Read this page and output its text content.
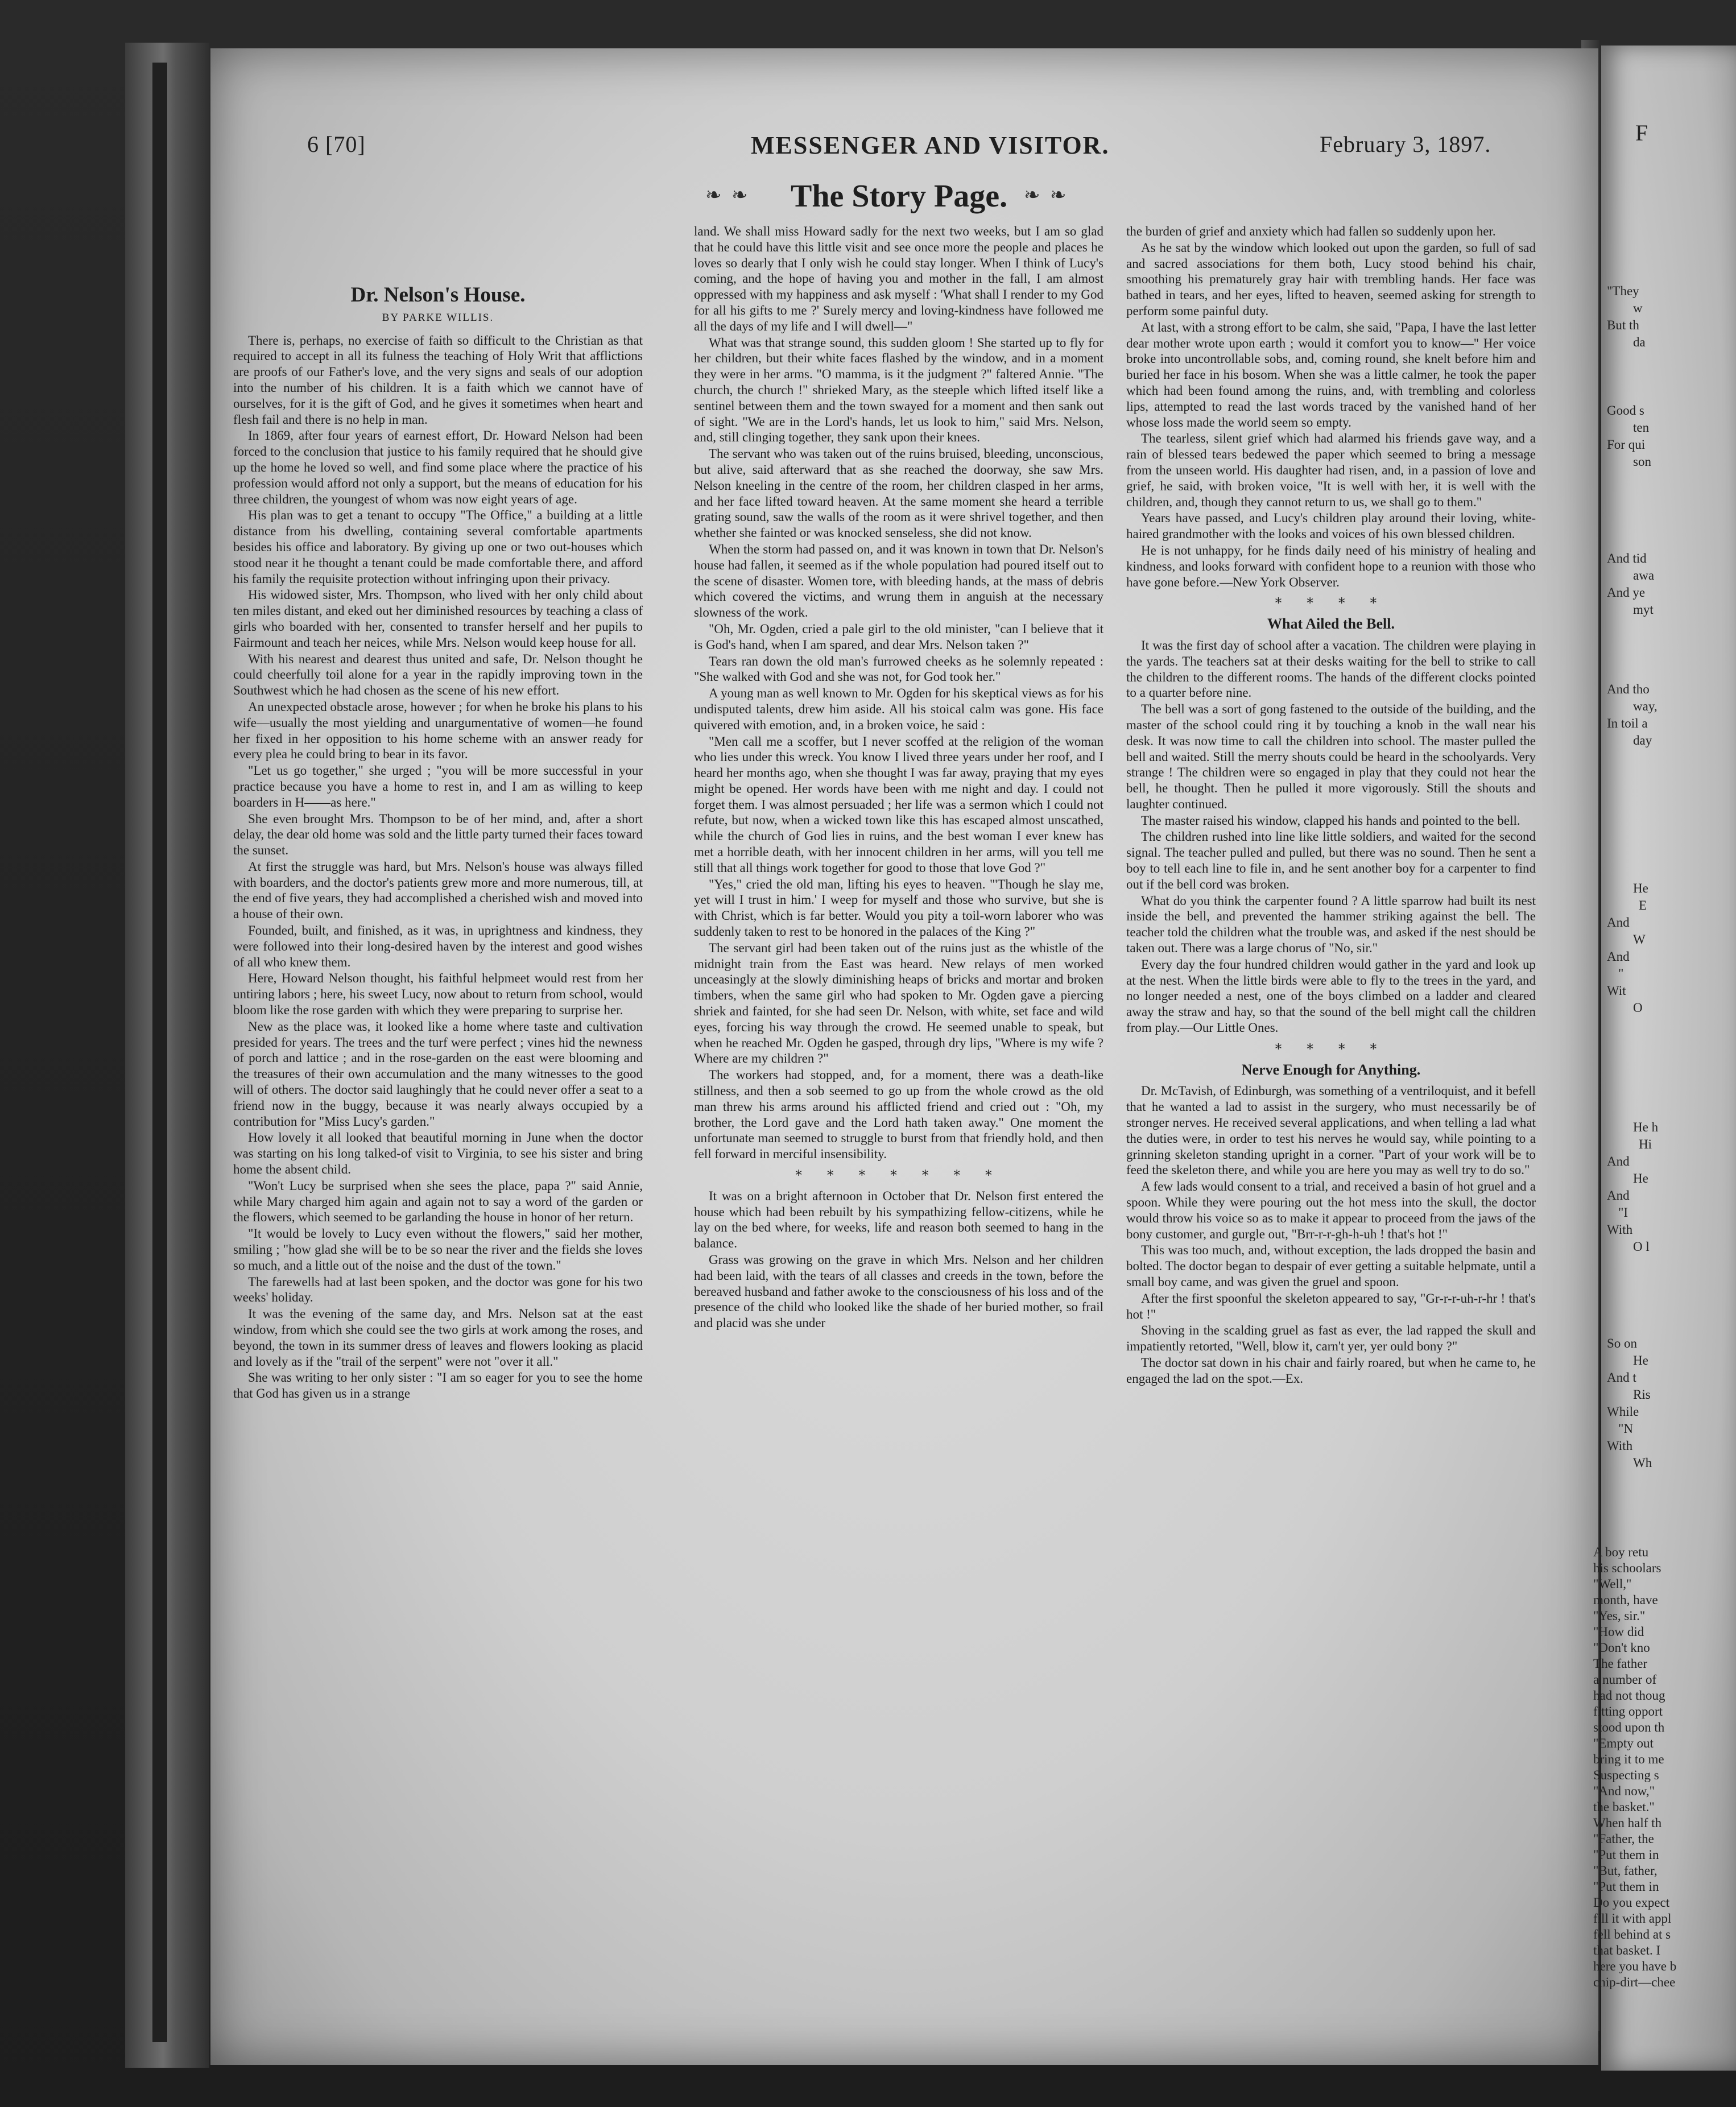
6 [70]	MESSENGER AND VISITOR.	February 3, 1897.
❧ ❧ The Story Page. ❧ ❧
Dr. Nelson's House.
BY PARKE WILLIS.

There is, perhaps, no exercise of faith so difficult to the Christian as that required to accept in all its fulness the teaching of Holy Writ that afflictions are proofs of our Father's love, and the very signs and seals of our adoption into the number of his children. It is a faith which we cannot have of ourselves, for it is the gift of God, and he gives it sometimes when heart and flesh fail and there is no help in man.

In 1869, after four years of earnest effort, Dr. Howard Nelson had been forced to the conclusion that justice to his family required that he should give up the home he loved so well, and find some place where the practice of his profession would afford not only a support, but the means of education for his three children, the youngest of whom was now eight years of age.

His plan was to get a tenant to occupy "The Office," a building at a little distance from his dwelling, containing several comfortable apartments besides his office and laboratory. By giving up one or two out-houses which stood near it he thought a tenant could be made comfortable there, and afford his family the requisite protection without infringing upon their privacy.

His widowed sister, Mrs. Thompson, who lived with her only child about ten miles distant, and eked out her diminished resources by teaching a class of girls who boarded with her, consented to transfer herself and her pupils to Fairmount and teach her neices, while Mrs. Nelson would keep house for all.

With his nearest and dearest thus united and safe, Dr. Nelson thought he could cheerfully toil alone for a year in the rapidly improving town in the Southwest which he had chosen as the scene of his new effort.

An unexpected obstacle arose, however ; for when he broke his plans to his wife—usually the most yielding and unargumentative of women—he found her fixed in her opposition to his home scheme with an answer ready for every plea he could bring to bear in its favor.

"Let us go together," she urged ; "you will be more successful in your practice because you have a home to rest in, and I am as willing to keep boarders in H——as here."

She even brought Mrs. Thompson to be of her mind, and, after a short delay, the dear old home was sold and the little party turned their faces toward the sunset.

At first the struggle was hard, but Mrs. Nelson's house was always filled with boarders, and the doctor's patients grew more and more numerous, till, at the end of five years, they had accomplished a cherished wish and moved into a house of their own.

Founded, built, and finished, as it was, in uprightness and kindness, they were followed into their long-desired haven by the interest and good wishes of all who knew them.

Here, Howard Nelson thought, his faithful helpmeet would rest from her untiring labors ; here, his sweet Lucy, now about to return from school, would bloom like the rose garden with which they were preparing to surprise her.

New as the place was, it looked like a home where taste and cultivation presided for years. The trees and the turf were perfect ; vines hid the newness of porch and lattice ; and in the rose-garden on the east were blooming and the treasures of their own accumulation and the many witnesses to the good will of others. The doctor said laughingly that he could never offer a seat to a friend now in the buggy, because it was nearly always occupied by a contribution for "Miss Lucy's garden."

How lovely it all looked that beautiful morning in June when the doctor was starting on his long talked-of visit to Virginia, to see his sister and bring home the absent child.

"Won't Lucy be surprised when she sees the place, papa ?" said Annie, while Mary charged him again and again not to say a word of the garden or the flowers, which seemed to be garlanding the house in honor of her return.

"It would be lovely to Lucy even without the flowers," said her mother, smiling ; "how glad she will be to be so near the river and the fields she loves so much, and a little out of the noise and the dust of the town."

The farewells had at last been spoken, and the doctor was gone for his two weeks' holiday.

It was the evening of the same day, and Mrs. Nelson sat at the east window, from which she could see the two girls at work among the roses, and beyond, the town in its summer dress of leaves and flowers looking as placid and lovely as if the "trail of the serpent" were not "over it all."

She was writing to her only sister : "I am so eager for you to see the home that God has given us in a strange

land. We shall miss Howard sadly for the next two weeks, but I am so glad that he could have this little visit and see once more the people and places he loves so dearly that I only wish he could stay longer. When I think of Lucy's coming, and the hope of having you and mother in the fall, I am almost oppressed with my happiness and ask myself : 'What shall I render to my God for all his gifts to me ?' Surely mercy and loving-kindness have followed me all the days of my life and I will dwell—"

What was that strange sound, this sudden gloom ! She started up to fly for her children, but their white faces flashed by the window, and in a moment they were in her arms. "O mamma, is it the judgment ?" faltered Annie. "The church, the church !" shrieked Mary, as the steeple which lifted itself like a sentinel between them and the town swayed for a moment and then sank out of sight. "We are in the Lord's hands, let us look to him," said Mrs. Nelson, and, still clinging together, they sank upon their knees.

The servant who was taken out of the ruins bruised, bleeding, unconscious, but alive, said afterward that as she reached the doorway, she saw Mrs. Nelson kneeling in the centre of the room, her children clasped in her arms, and her face lifted toward heaven. At the same moment she heard a terrible grating sound, saw the walls of the room as it were shrivel together, and then whether she fainted or was knocked senseless, she did not know.

When the storm had passed on, and it was known in town that Dr. Nelson's house had fallen, it seemed as if the whole population had poured itself out to the scene of disaster. Women tore, with bleeding hands, at the mass of debris which covered the victims, and wrung them in anguish at the necessary slowness of the work.

"Oh, Mr. Ogden, cried a pale girl to the old minister, "can I believe that it is God's hand, when I am spared, and dear Mrs. Nelson taken ?"

Tears ran down the old man's furrowed cheeks as he solemnly repeated : "She walked with God and she was not, for God took her."

A young man as well known to Mr. Ogden for his skeptical views as for his undisputed talents, drew him aside. All his stoical calm was gone. His face quivered with emotion, and, in a broken voice, he said :

"Men call me a scoffer, but I never scoffed at the religion of the woman who lies under this wreck. You know I lived three years under her roof, and I heard her months ago, when she thought I was far away, praying that my eyes might be opened. Her words have been with me night and day. I could not forget them. I was almost persuaded ; her life was a sermon which I could not refute, but now, when a wicked town like this has escaped almost unscathed, while the church of God lies in ruins, and the best woman I ever knew has met a horrible death, with her innocent children in her arms, will you tell me still that all things work together for good to those that love God ?"

"Yes," cried the old man, lifting his eyes to heaven. "'Though he slay me, yet will I trust in him.' I weep for myself and those who survive, but she is with Christ, which is far better. Would you pity a toil-worn laborer who was suddenly taken to rest to be honored in the palaces of the King ?"

The servant girl had been taken out of the ruins just as the whistle of the midnight train from the East was heard. New relays of men worked unceasingly at the slowly diminishing heaps of bricks and mortar and broken timbers, when the same girl who had spoken to Mr. Ogden gave a piercing shriek and fainted, for she had seen Dr. Nelson, with white, set face and wild eyes, forcing his way through the crowd. He seemed unable to speak, but when he reached Mr. Ogden he gasped, through dry lips, "Where is my wife ? Where are my children ?"

The workers had stopped, and, for a moment, there was a death-like stillness, and then a sob seemed to go up from the whole crowd as the old man threw his arms around his afflicted friend and cried out : "Oh, my brother, the Lord gave and the Lord hath taken away." One moment the unfortunate man seemed to struggle to burst from that friendly hold, and then fell forward in merciful insensibility.

* * * * * * *

It was on a bright afternoon in October that Dr. Nelson first entered the house which had been rebuilt by his sympathizing fellow-citizens, while he lay on the bed where, for weeks, life and reason both seemed to hang in the balance.

Grass was growing on the grave in which Mrs. Nelson and her children had been laid, with the tears of all classes and creeds in the town, before the bereaved husband and father awoke to the consciousness of his loss and of the presence of the child who looked like the shade of her buried mother, so frail and placid was she under

the burden of grief and anxiety which had fallen so suddenly upon her.

As he sat by the window which looked out upon the garden, so full of sad and sacred associations for them both, Lucy stood behind his chair, smoothing his prematurely gray hair with trembling hands. Her face was bathed in tears, and her eyes, lifted to heaven, seemed asking for strength to perform some painful duty.

At last, with a strong effort to be calm, she said, "Papa, I have the last letter dear mother wrote upon earth ; would it comfort you to know—" Her voice broke into uncontrollable sobs, and, coming round, she knelt before him and buried her face in his bosom. When she was a little calmer, he took the paper which had been found among the ruins, and, with trembling and colorless lips, attempted to read the last words traced by the vanished hand of her whose loss made the world seem so empty.

The tearless, silent grief which had alarmed his friends gave way, and a rain of blessed tears bedewed the paper which seemed to bring a message from the unseen world. His daughter had risen, and, in a passion of love and grief, he said, with broken voice, "It is well with her, it is well with the children, and, though they cannot return to us, we shall go to them."

Years have passed, and Lucy's children play around their loving, white-haired grandmother with the looks and voices of his own blessed children.

He is not unhappy, for he finds daily need of his ministry of healing and kindness, and looks forward with confident hope to a reunion with those who have gone before.—New York Observer.

* * * *
What Ailed the Bell.

It was the first day of school after a vacation. The children were playing in the yards. The teachers sat at their desks waiting for the bell to strike to call the children to the different rooms. The hands of the different clocks pointed to a quarter before nine.

The bell was a sort of gong fastened to the outside of the building, and the master of the school could ring it by touching a knob in the wall near his desk. It was now time to call the children into school. The master pulled the bell and waited. Still the merry shouts could be heard in the schoolyards. Very strange ! The children were so engaged in play that they could not hear the bell, he thought. Then he pulled it more vigorously. Still the shouts and laughter continued.

The master raised his window, clapped his hands and pointed to the bell.

The children rushed into line like little soldiers, and waited for the second signal. The teacher pulled and pulled, but there was no sound. Then he sent a boy to tell each line to file in, and he sent another boy for a carpenter to find out if the bell cord was broken.

What do you think the carpenter found ? A little sparrow had built its nest inside the bell, and prevented the hammer striking against the bell. The teacher told the children what the trouble was, and asked if the nest should be taken out. There was a large chorus of "No, sir."

Every day the four hundred children would gather in the yard and look up at the nest. When the little birds were able to fly to the trees in the yard, and no longer needed a nest, one of the boys climbed on a ladder and cleared away the straw and hay, so that the sound of the bell might call the children from play.—Our Little Ones.

* * * *
Nerve Enough for Anything.

Dr. McTavish, of Edinburgh, was something of a ventriloquist, and it befell that he wanted a lad to assist in the surgery, who must necessarily be of stronger nerves. He received several applications, and when telling a lad what the duties were, in order to test his nerves he would say, while pointing to a grinning skeleton standing upright in a corner. "Part of your work will be to feed the skeleton there, and while you are here you may as well try to do so."

A few lads would consent to a trial, and received a basin of hot gruel and a spoon. While they were pouring out the hot mess into the skull, the doctor would throw his voice so as to make it appear to proceed from the jaws of the bony customer, and gurgle out, "Brr-r-r-gh-h-uh ! that's hot !"

This was too much, and, without exception, the lads dropped the basin and bolted. The doctor began to despair of ever getting a suitable helpmate, until a small boy came, and was given the gruel and spoon.

After the first spoonful the skeleton appeared to say, "Gr-r-r-uh-r-hr ! that's hot !"

Shoving in the scalding gruel as fast as ever, the lad rapped the skull and impatiently retorted, "Well, blow it, carn't yer, yer ould bony ?"

The doctor sat down in his chair and fairly roared, but when he came to, he engaged the lad on the spot.—Ex.

F
"They
w
But th
da
Good s
ten
For qui
son
And tid
awa
And ye
myt
And tho
way,
In toil a
day
He
E
And
W
And
"
Wit
O
He h
Hi
And
He
And
"I
With
O l
So on
He
And t
Ris
While
"N
With
Wh
A boy retu
his schoolars
"Well,"
month, have
"Yes, sir."
"How did
"Don't kno
The father
a number of
had not thoug
fitting opport
stood upon th
"Empty out
bring it to me
Suspecting s
"And now,"
the basket."
When half th
"Father, the
"Put them in
"But, father,
"Put them in
Do you expect
fill it with appl
fell behind at s
that basket. I
here you have b
chip-dirt—chee
